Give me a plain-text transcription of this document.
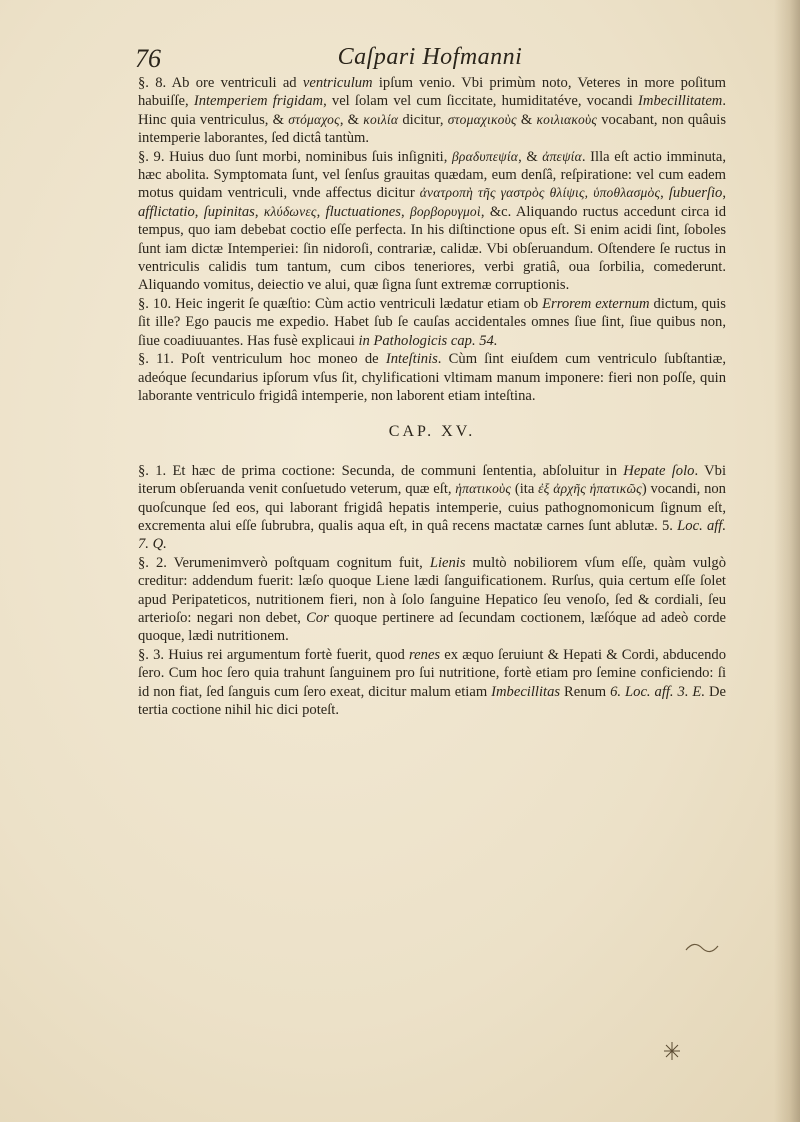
76	Caſpari Hofmanni

§. 8. Ab ore ventriculi ad ventriculum ipſum venio. Vbi primùm noto, Veteres in more poſitum habuiſſe, Intemperiem frigidam, vel ſolam vel cum ſiccitate, humiditatéve, vocandi Imbecillitatem. Hinc quia ventriculus, & στόμαχος, & κοιλία dicitur, στομαχικοὺς & κοιλιακοὺς vocabant, non quâuis intemperie laborantes, ſed dictâ tantùm.

§. 9. Huius duo ſunt morbi, nominibus ſuis inſigniti, βραδυπεψία, & ἀπεψία. Illa eſt actio imminuta, hæc abolita. Symptomata ſunt, vel ſenſus grauitas quædam, eum denſâ, reſpiratione: vel cum eadem motus quidam ventriculi, vnde affectus dicitur ἀνατροπὴ τῆς γαστρὸς θλίψις, ὑποθλασμὸς, ſubuerſio, afflictatio, ſupinitas, κλύδωνες, fluctuationes, βορβορυγμοὶ, &c. Aliquando ructus accedunt circa id tempus, quo iam debebat coctio eſſe perfecta. In his diſtinctione opus eſt. Si enim acidi ſint, ſoboles ſunt iam dictæ Intemperiei: ſin nidoroſi, contrariæ, calidæ. Vbi obſeruandum. Oſtendere ſe ructus in ventriculis calidis tum tantum, cum cibos teneriores, verbi gratiâ, oua ſorbilia, comederunt. Aliquando vomitus, deiectio ve alui, quæ ſigna ſunt extremæ corruptionis.

§. 10. Heic ingerit ſe quæſtio: Cùm actio ventriculi lædatur etiam ob Errorem externum dictum, quis ſit ille? Ego paucis me expedio. Habet ſub ſe cauſas accidentales omnes ſiue ſint, ſiue quibus non, ſiue coadiuuantes. Has fusè explicaui in Pathologicis cap. 54.

§. 11. Poſt ventriculum hoc moneo de Inteſtinis. Cùm ſint eiuſdem cum ventriculo ſubſtantiæ, adeóque ſecundarius ipſorum vſus ſit, chylificationi vltimam manum imponere: fieri non poſſe, quin laborante ventriculo frigidâ intemperie, non laborent etiam inteſtina.

CAP. XV.

§. 1. Et hæc de prima coctione: Secunda, de communi ſententia, abſoluitur in Hepate ſolo. Vbi iterum obſeruanda venit conſuetudo veterum, quæ eſt, ἡπατικοὺς (ita ἐξ ἀρχῆς ἡπατικῶς) vocandi, non quoſcunque ſed eos, qui laborant frigidâ hepatis intemperie, cuius pathognomonicum ſignum eſt, excrementa alui eſſe ſubrubra, qualis aqua eſt, in quâ recens mactatæ carnes ſunt ablutæ. 5. Loc. aff. 7. Q.

§. 2. Verumenimverò poſtquam cognitum fuit, Lienis multò nobiliorem vſum eſſe, quàm vulgò creditur: addendum fuerit: læſo quoque Liene lædi ſanguificationem. Rurſus, quia certum eſſe ſolet apud Peripateticos, nutritionem fieri, non à ſolo ſanguine Hepatico ſeu venoſo, ſed & cordiali, ſeu arterioſo: negari non debet, Cor quoque pertinere ad ſecundam coctionem, læſóque ad adeò corde quoque, lædi nutritionem.

§. 3. Huius rei argumentum fortè fuerit, quod renes ex æquo ſeruiunt & Hepati & Cordi, abducendo ſero. Cum hoc ſero quia trahunt ſanguinem pro ſui nutritione, fortè etiam pro ſemine conficiendo: ſi id non fiat, ſed ſanguis cum ſero exeat, dicitur malum etiam Imbecillitas Renum 6. Loc. aff. 3. E. De tertia coctione nihil hic dici poteſt.
